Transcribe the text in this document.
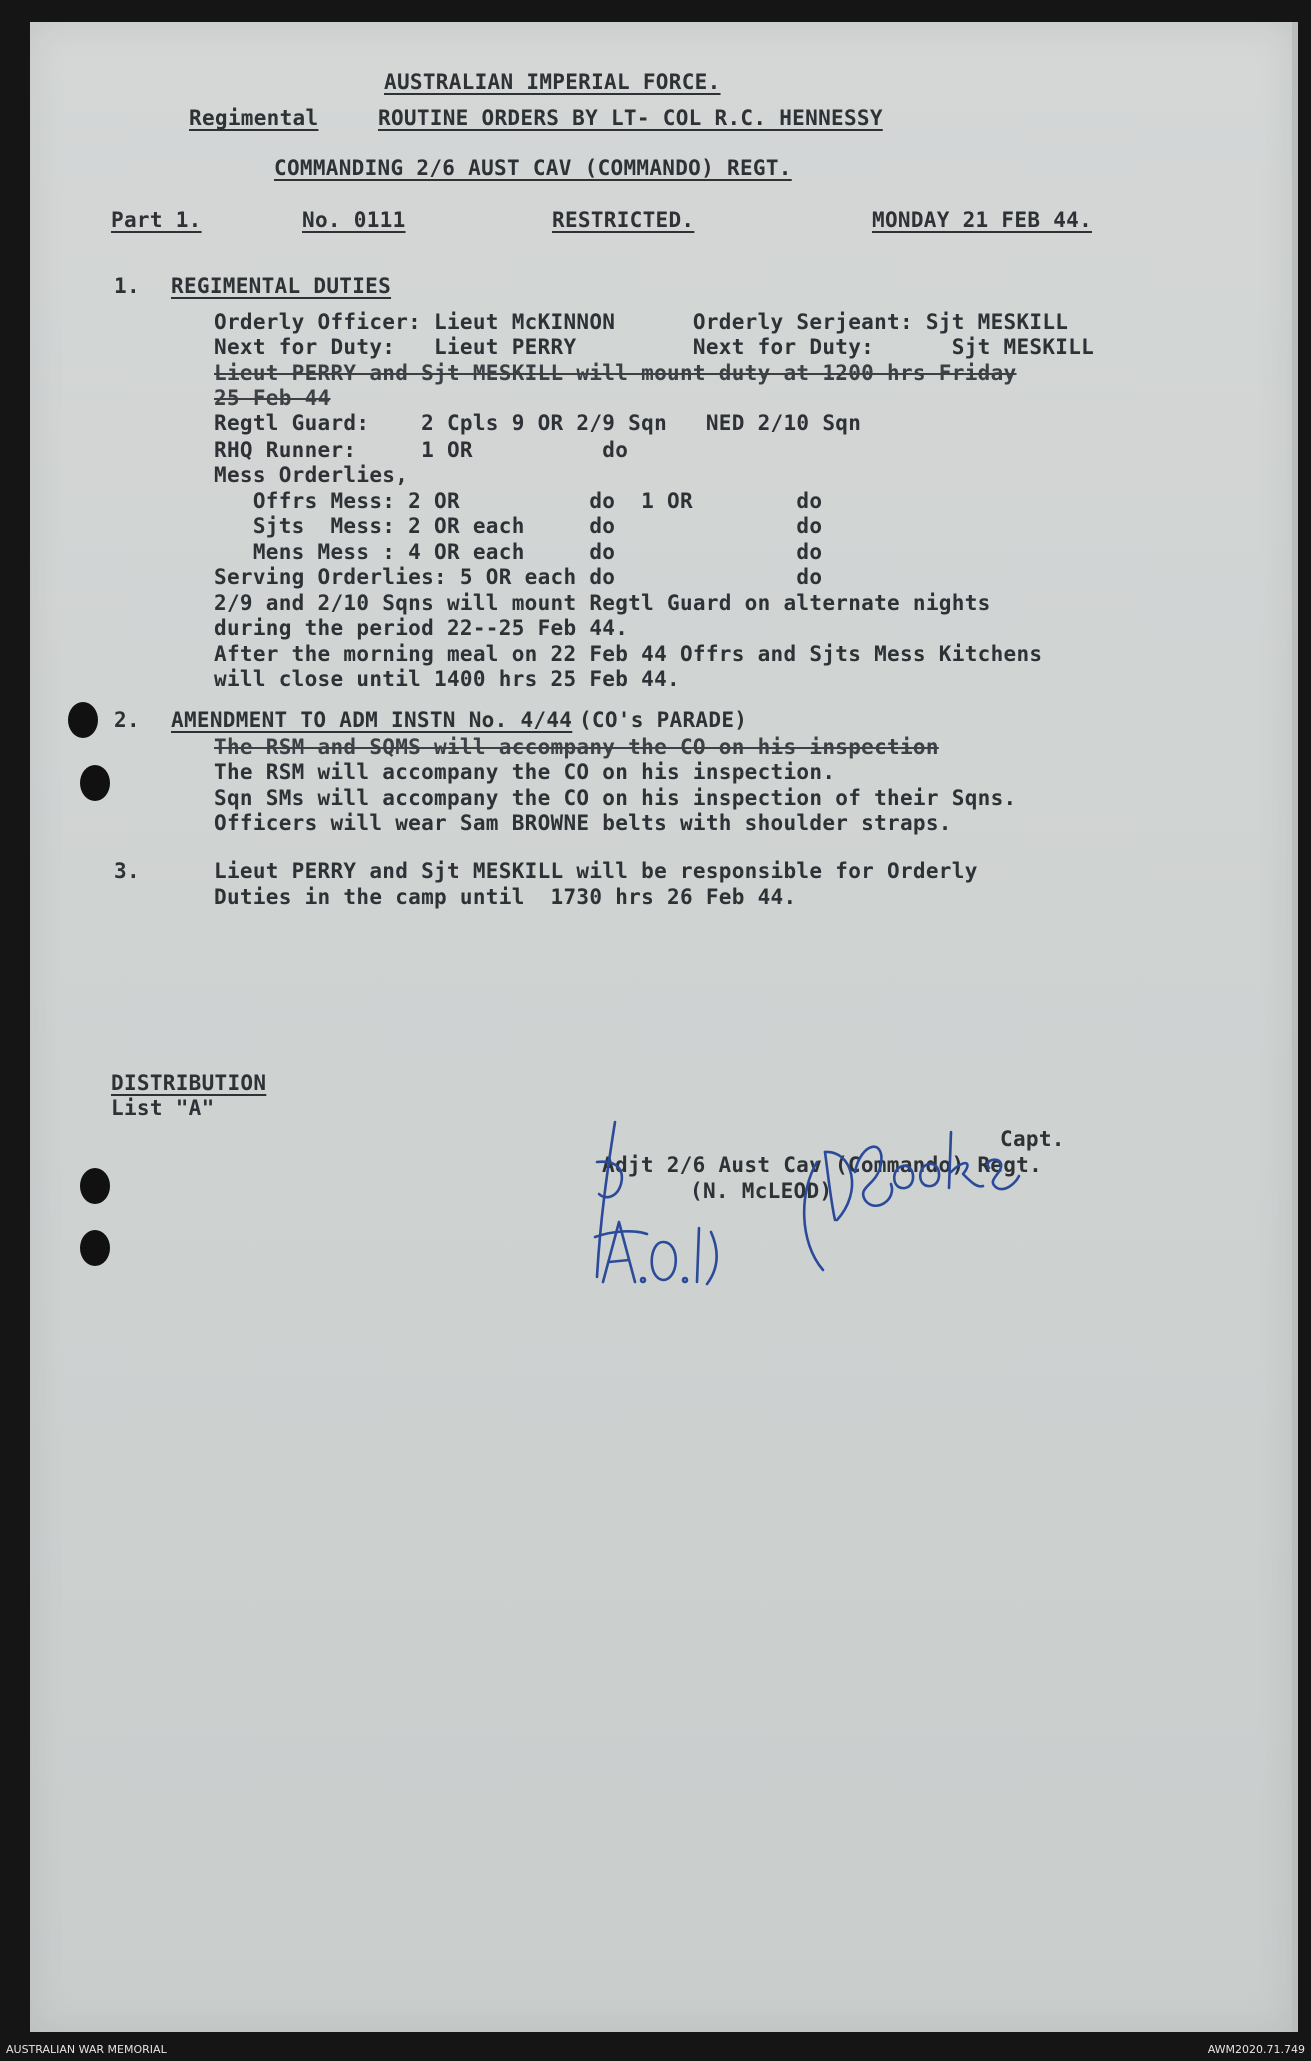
AUSTRALIAN IMPERIAL FORCE.
Regimental	ROUTINE ORDERS BY LT- COL R.C. HENNESSY
COMMANDING 2/6 AUST CAV (COMMANDO) REGT.
Part 1.	No. 0111	RESTRICTED.	MONDAY 21 FEB 44.
1. REGIMENTAL DUTIES
Orderly Officer: Lieut McKINNON      Orderly Serjeant: Sjt MESKILL
Next for Duty:   Lieut PERRY         Next for Duty:      Sjt MESKILL
Lieut PERRY and Sjt MESKILL will mount duty at 1200 hrs Friday
25 Feb 44
Regtl Guard:    2 Cpls 9 OR 2/9 Sqn   NED 2/10 Sqn
RHQ Runner:     1 OR          do
Mess Orderlies,
Offrs Mess: 2 OR          do  1 OR        do
Sjts  Mess: 2 OR each     do              do
Mens Mess : 4 OR each     do              do
Serving Orderlies: 5 OR each do              do
2/9 and 2/10 Sqns will mount Regtl Guard on alternate nights
during the period 22--25 Feb 44.
After the morning meal on 22 Feb 44 Offrs and Sjts Mess Kitchens
will close until 1400 hrs 25 Feb 44.
2. AMENDMENT TO ADM INSTN No. 4/44
(CO's PARADE)
The RSM and SQMS will accompany the CO on his inspection
The RSM will accompany the CO on his inspection.
Sqn SMs will accompany the CO on his inspection of their Sqns.
Officers will wear Sam BROWNE belts with shoulder straps.
3.	Lieut PERRY and Sjt MESKILL will be responsible for Orderly
Duties in the camp until  1730 hrs 26 Feb 44.
DISTRIBUTION
List "A"
Capt.
Adjt 2/6 Aust Cav (Commando) Regt.
(N. McLEOD)
AUSTRALIAN WAR MEMORIAL	AWM2020.71.749
